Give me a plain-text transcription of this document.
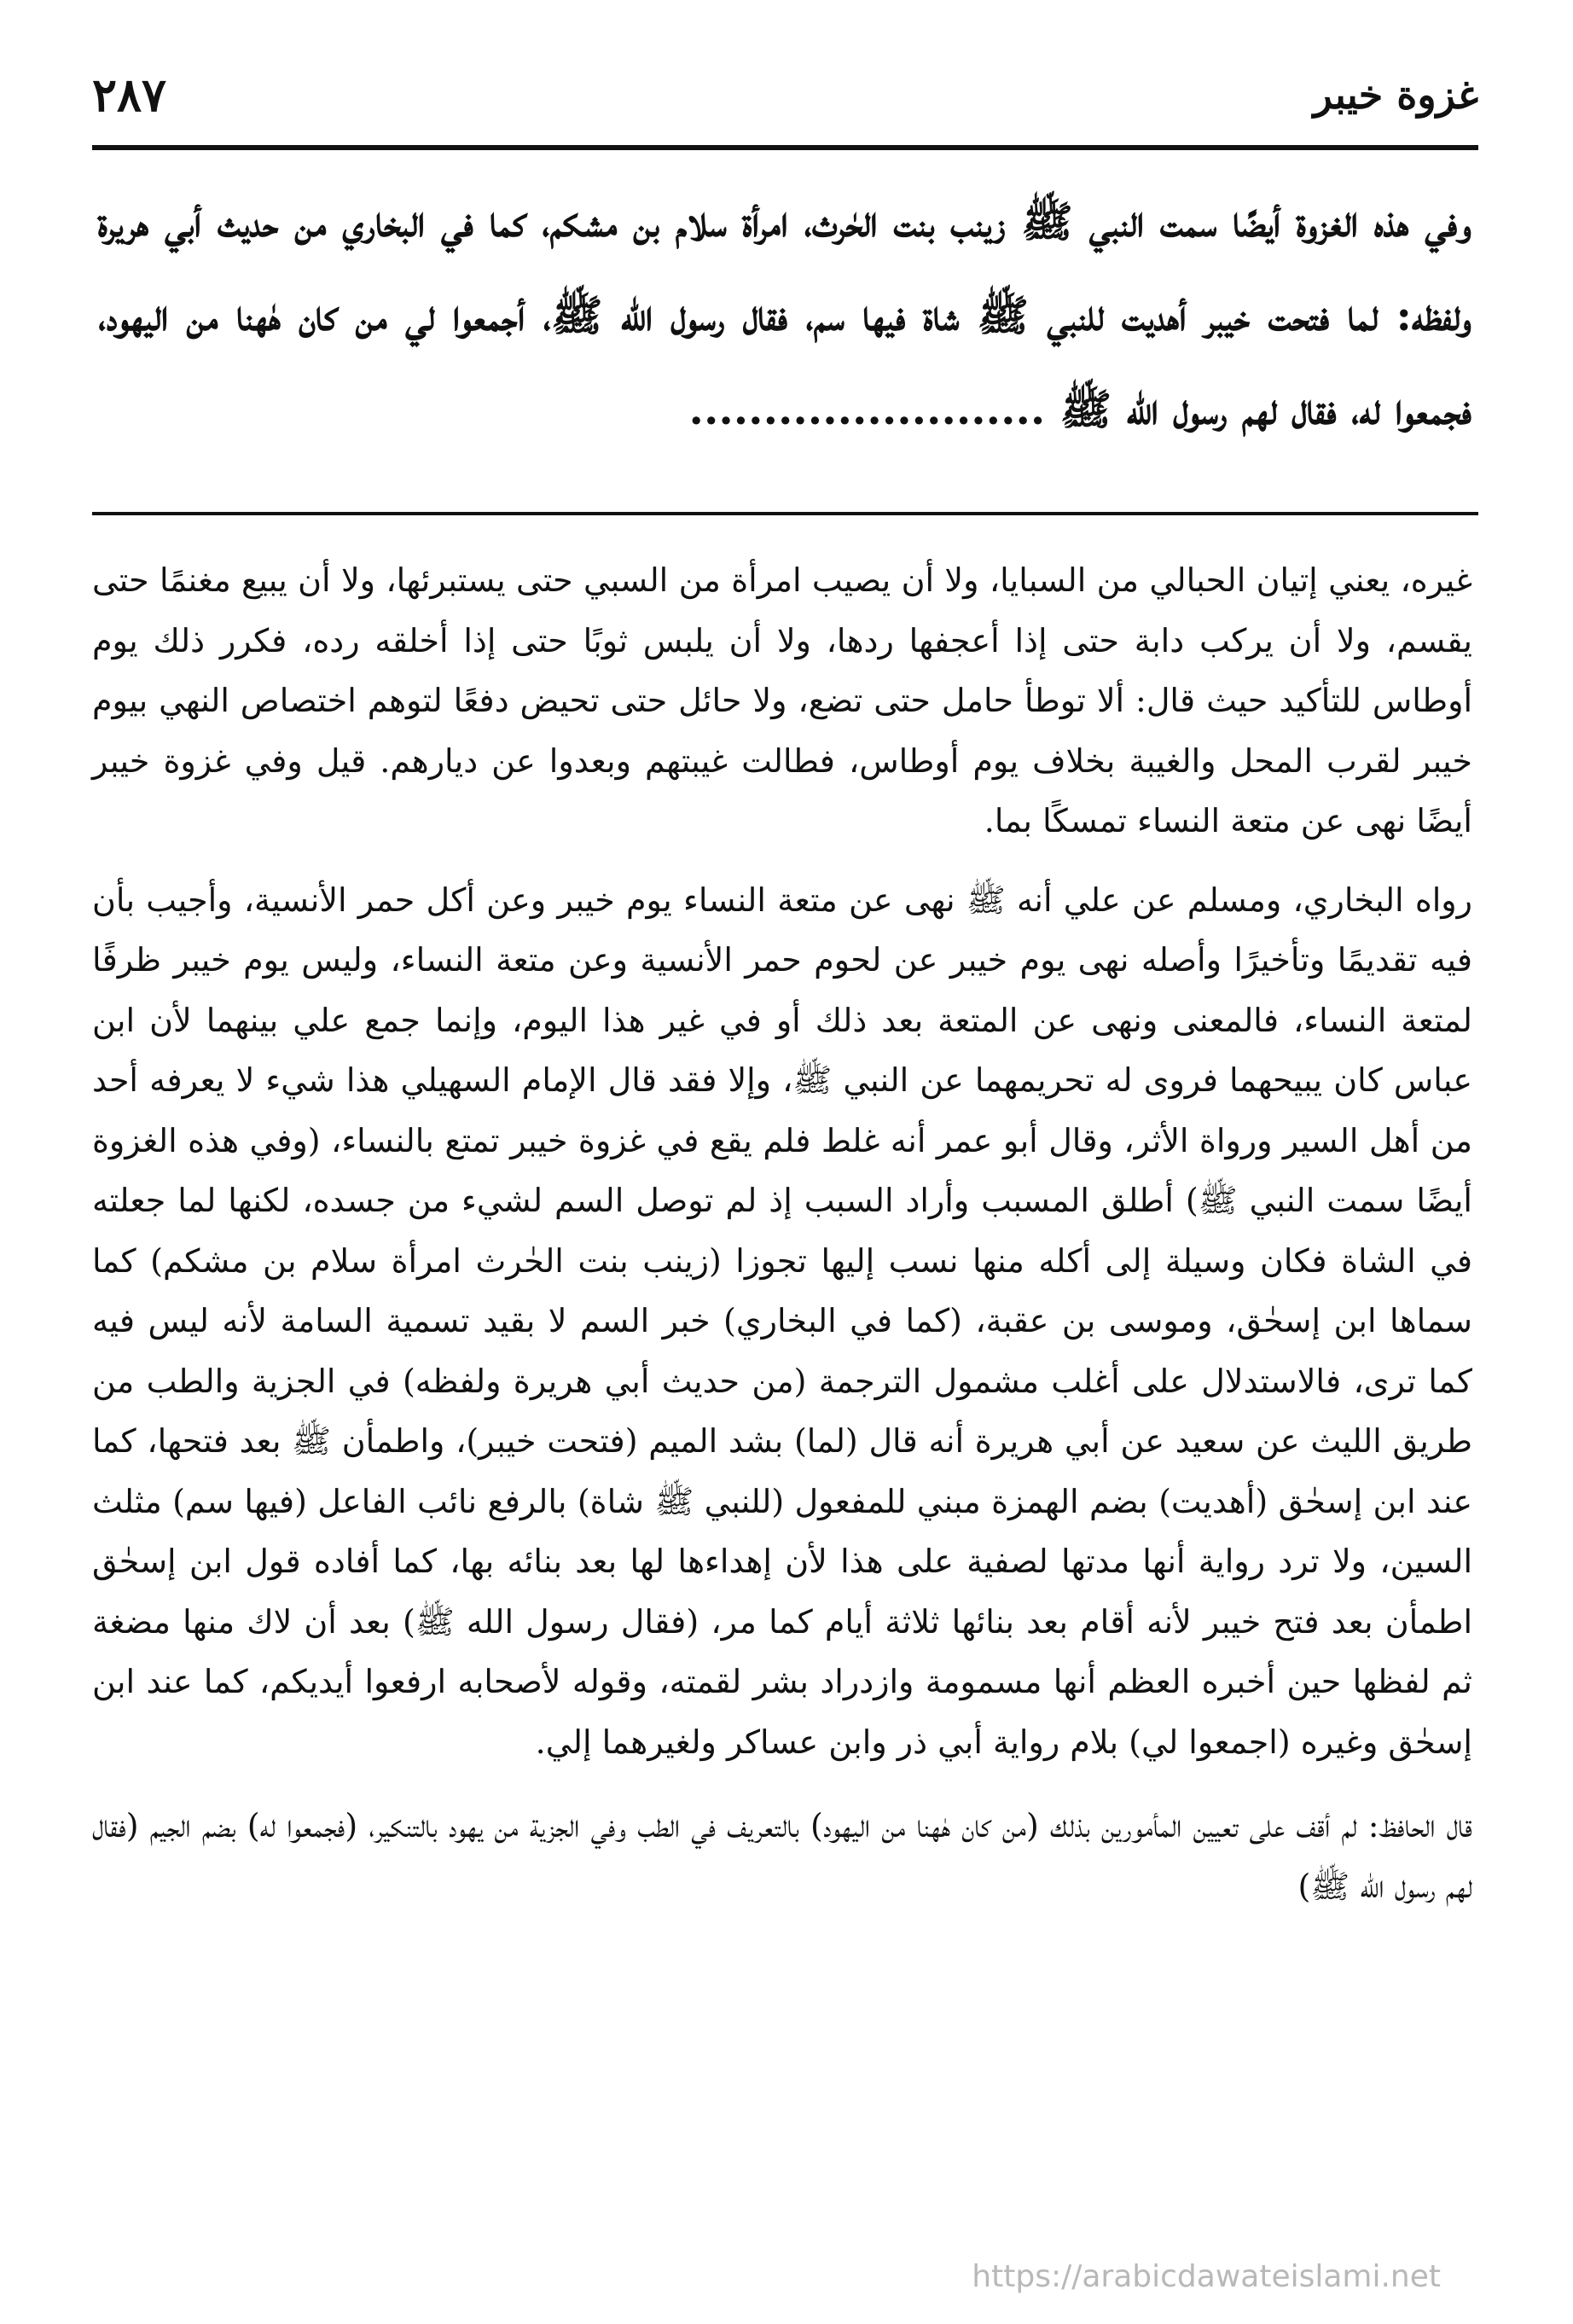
غزوة خيبر
٢٨٧
وفي هذه الغزوة أيضًا سمت النبي ﷺ زينب بنت الحٰرث، امرأة سلام بن مشكم، كما في البخاري من حديث أبي هريرة ولفظه: لما فتحت خيبر أهديت للنبي ﷺ شاة فيها سم، فقال رسول الله ﷺ، أجمعوا لي من كان هٰهنا من اليهود، فجمعوا له، فقال لهم رسول الله ﷺ ........................

غيره، يعني إتيان الحبالي من السبايا، ولا أن يصيب امرأة من السبي حتى يستبرئها، ولا أن يبيع مغنمًا حتى يقسم، ولا أن يركب دابة حتى إذا أعجفها ردها، ولا أن يلبس ثوبًا حتى إذا أخلقه رده، فكرر ذلك يوم أوطاس للتأكيد حيث قال: ألا توطأ حامل حتى تضع، ولا حائل حتى تحيض دفعًا لتوهم اختصاص النهي بيوم خيبر لقرب المحل والغيبة بخلاف يوم أوطاس، فطالت غيبتهم وبعدوا عن ديارهم. قيل وفي غزوة خيبر أيضًا نهى عن متعة النساء تمسكًا بما.

رواه البخاري، ومسلم عن علي أنه ﷺ نهى عن متعة النساء يوم خيبر وعن أكل حمر الأنسية، وأجيب بأن فيه تقديمًا وتأخيرًا وأصله نهى يوم خيبر عن لحوم حمر الأنسية وعن متعة النساء، وليس يوم خيبر ظرفًا لمتعة النساء، فالمعنى ونهى عن المتعة بعد ذلك أو في غير هذا اليوم، وإنما جمع علي بينهما لأن ابن عباس كان يبيحهما فروى له تحريمهما عن النبي ﷺ، وإلا فقد قال الإمام السهيلي هذا شيء لا يعرفه أحد من أهل السير ورواة الأثر، وقال أبو عمر أنه غلط فلم يقع في غزوة خيبر تمتع بالنساء، (وفي هذه الغزوة أيضًا سمت النبي ﷺ) أطلق المسبب وأراد السبب إذ لم توصل السم لشيء من جسده، لكنها لما جعلته في الشاة فكان وسيلة إلى أكله منها نسب إليها تجوزا (زينب بنت الحٰرث امرأة سلام بن مشكم) كما سماها ابن إسحٰق، وموسى بن عقبة، (كما في البخاري) خبر السم لا بقيد تسمية السامة لأنه ليس فيه كما ترى، فالاستدلال على أغلب مشمول الترجمة (من حديث أبي هريرة ولفظه) في الجزية والطب من طريق الليث عن سعيد عن أبي هريرة أنه قال (لما) بشد الميم (فتحت خيبر)، واطمأن ﷺ بعد فتحها، كما عند ابن إسحٰق (أهديت) بضم الهمزة مبني للمفعول (للنبي ﷺ شاة) بالرفع نائب الفاعل (فيها سم) مثلث السين، ولا ترد رواية أنها مدتها لصفية على هذا لأن إهداءها لها بعد بنائه بها، كما أفاده قول ابن إسحٰق اطمأن بعد فتح خيبر لأنه أقام بعد بنائها ثلاثة أيام كما مر، (فقال رسول الله ﷺ) بعد أن لاك منها مضغة ثم لفظها حين أخبره العظم أنها مسمومة وازدراد بشر لقمته، وقوله لأصحابه ارفعوا أيديكم، كما عند ابن إسحٰق وغيره (اجمعوا لي) بلام رواية أبي ذر وابن عساكر ولغيرهما إلي.

قال الحافظ: لم أقف على تعيين المأمورين بذلك (من كان هٰهنا من اليهود) بالتعريف في الطب وفي الجزية من يهود بالتنكير، (فجمعوا له) بضم الجيم (فقال لهم رسول الله ﷺ)

https://arabicdawateislami.net
